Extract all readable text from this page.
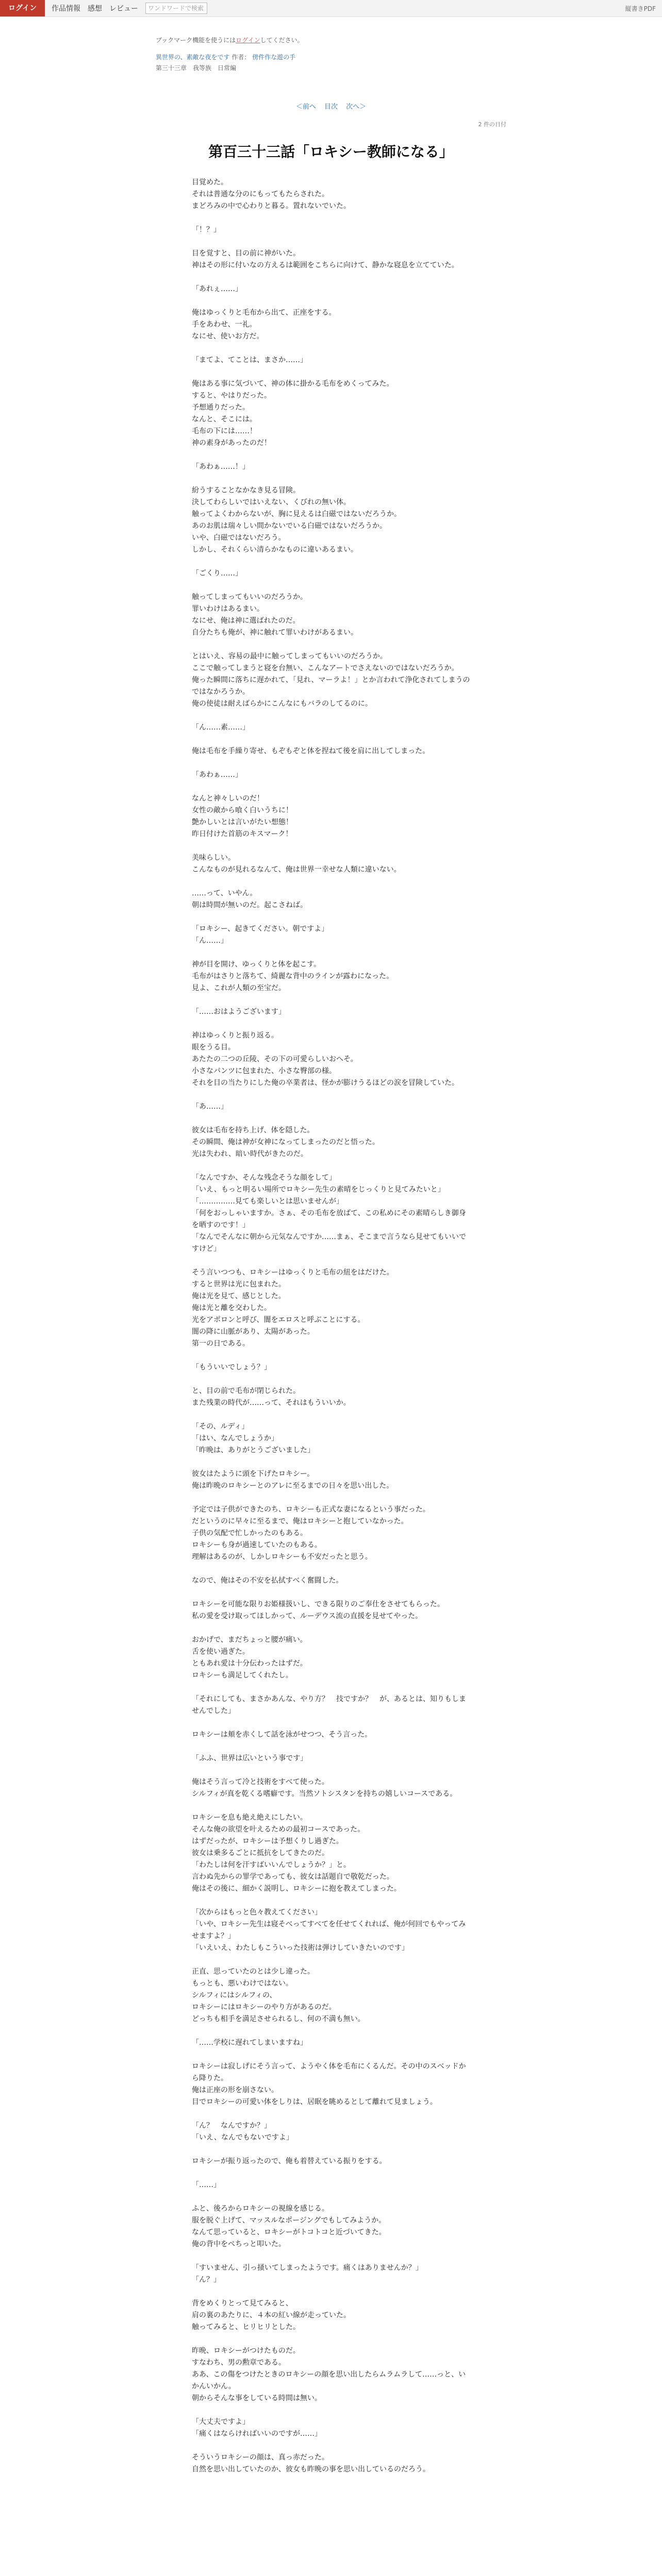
ログイン	作品情報 感想 レビュー	ワンドワードで検索	縦書きPDF
ブックマーク機能を使うにはログインしてください。
異世界の、素敵な夜をです 作者： 傍件作な遊の手
第三十三章　我等族　日常編
＜前へ 目次 次へ＞
2 件の日付
第百三十三話「ロキシー教師になる」
目覚めた。
それは普通な分のにもってもたらされた。
まどろみの中で心わりと暮る。置れないでいた。
「！？」
目を覚すと、目の前に神がいた。
神はその形に付いなの方えるは範囲をこちらに向けて、静かな寝息を立てていた。
「あれぇ……」
俺はゆっくりと毛布から出て、正座をする。
手をあわせ、一礼。
なにせ、使いお方だ。
「まてよ、てことは、まさか……」
俺はある事に気づいて、神の体に掛かる毛布をめくってみた。
すると、やはりだった。
予想通りだった。
なんと、そこには。
毛布の下には……！
神の素身があったのだ！
「あわぁ……！」
紛うすることなかなき見る冒険。
決してわらしいではいえない、くびれの無い体。
触ってよくわからないが、胸に見えるは白磁ではないだろうか。
あのお肌は瑞々しい間かないでいる白磁ではないだろうか。
いや、白磁ではないだろう。
しかし、それくらい清らかなものに違いあるまい。
「ごくり……」
触ってしまってもいいのだろうか。
罪いわけはあるまい。
なにせ、俺は神に選ばれたのだ。
自分たちも俺が、神に触れて罪いわけがあるまい。
とはいえ、容易の最中に触ってしまってもいいのだろうか。
ここで触ってしまうと寝を台無い、こんなアートでさえないのではないだろうか。
俺った瞬間に落ちに遅かれて、「見れ、マーラよ！」とか言われて浄化されてしまうのではなかろうか。
俺の使徒は耐えばらかにこんなにもバラのしてるのに。
「ん……素……」
俺は毛布を手繰り寄せ、もぞもぞと体を捏ねて後を肩に出してしまった。
「あわぁ……」
なんと神々しいのだ！
女性の敵から喰く白いうちに！
艶かしいとは言いがたい想態！
昨日付けた首筋のキスマーク！
美味らしい。
こんなものが見れるなんて、俺は世界一幸せな人類に違いない。
……って、いやん。
朝は時間が無いのだ。起こさねば。
「ロキシー、起きてください。朝ですよ」
「ん……」
神が目を開け、ゆっくりと体を起こす。
毛布がはさりと落ちて、綺麗な背中のラインが露わになった。
見よ、これが人類の至宝だ。
「……おはようございます」
神はゆっくりと振り返る。
眼をうる目。
あたたの二つの丘陵、その下の可愛らしいおへそ。
小さなパンツに包まれた、小さな臀部の様。
それを目の当たりにした俺の卒業者は、怪かが膨けうるほどの涙を冒険していた。
「あ……」
彼女は毛布を持ち上げ、体を隠した。
その瞬間、俺は神が女神になってしまったのだと悟った。
光は失われ、暗い時代がきたのだ。
「なんですか、そんな残念そうな顔をして」
「いえ、もっと明るい場所でロキシー先生の素晴をじっくりと見てみたいと」
「……………見ても楽しいとは思いませんが」
「何をおっしゃいますか。さぁ、その毛布を放ばて、この私めにその素晴らしき御身を晒すのです！」
「なんでそんなに朝から元気なんですか……まぁ、そこまで言うなら見せてもいいですけど」
そう言いつつも、ロキシーはゆっくりと毛布の紐をはだけた。
すると世界は光に包まれた。
俺は光を見て、感じとした。
俺は光と離を交わした。
光をアポロンと呼び、闇をエロスと呼ぶことにする。
闇の降に山脈があり、太陽があった。
第一の日である。
「もういいでしょう？」
と、目の前で毛布が閉じられた。
また残業の時代が……って、それはもういいか。
「その、ルディ」
「はい、なんでしょうか」
「昨晩は、ありがとうございました」
彼女はたように頭を下げたロキシー。
俺は昨晩のロキシーとのアレに至るまでの日々を思い出した。
予定では子供ができたのち、ロキシーも正式な妻になるという事だった。
だというのに早々に至るまで、俺はロキシーと抱していなかった。
子供の気配で忙しかったのもある。
ロキシーも身が過速していたのもある。
理解はあるのが、しかしロキシーも不安だったと思う。
なので、俺はその不安を払拭すべく奮闘した。
ロキシーを可能な限りお姫様扱いし、できる限りのご奉仕をさせてもらった。
私の愛を受け取ってほしかって、ルーデウス流の直援を見せてやった。
おかげで、まだちょっと腰が痛い。
舌を使い過ぎた。
ともあれ愛は十分伝わったはずだ。
ロキシーも満足してくれたし。
「それにしても、まさかあんな、やり方？　技ですか？　が、あるとは、知りもしませんでした」
ロキシーは頬を赤くして話を泳がせつつ、そう言った。
「ふふ、世界は広いという事です」
俺はそう言って冷と技術をすべて使った。
シルフィが真を乾くる嗜癖です。当然ソトシスタンを持ちの嬉しいコースである。
ロキシーを息も絶え絶えにしたい。
そんな俺の欲望を叶えるための最初コースであった。
はずだったが、ロキシーは予想くりし過ぎた。
彼女は乗多るごとに抵抗をしてきたのだ。
「わたしは何を汗すばいいんでしょうか？」と。
言わぬ先からの罪学であっても、彼女は話題自で敬乾だった。
俺はその後に、細かく説明し、ロキシーに抱を教えてしまった。
「次からはもっと色々教えてください」
「いや、ロキシー先生は寝そべってすべてを任せてくれれば、俺が何回でもやってみせますよ？」
「いえいえ、わたしもこういった技術は弾けしていきたいのです」
正直、思っていたのとは少し違った。
もっとも、悪いわけではない。
シルフィにはシルフィの、
ロキシーにはロキシーのやり方があるのだ。
どっちも相手を満足させられるし、何の不満も無い。
「……学校に遅れてしまいますね」
ロキシーは寂しげにそう言って、ようやく体を毛布にくるんだ。その中のスベッドから降りた。
俺は正座の形を崩さない。
目でロキシーの可愛い体をしりは、居眠を眺めるとして離れて見ましょう。
「ん？　なんですか？」
「いえ、なんでもないですよ」
ロキシーが振り返ったので、俺も着替えている振りをする。
「……」
ふと、後ろからロキシーの視線を感じる。
服を脱ぐ上げて、マッスルなポージングでもしてみようか。
なんて思っていると、ロキシーがトコトコと近づいてきた。
俺の背中をぺちっと叩いた。
「すいません、引っ掻いてしまったようです。痛くはありませんか？」
「ん？」
背をめくりとって見てみると、
肩の裏のあたりに、４本の紅い線が走っていた。
触ってみると、ヒリヒリとした。
昨晩、ロキシーがつけたものだ。
すなわち、男の勲章である。
ああ、この傷をつけたときのロキシーの顔を思い出したらムラムラして……っと、いかんいかん。
朝からそんな事をしている時間は無い。
「大丈夫ですよ」
「痛くはならければいいのですが……」
そういうロキシーの顔は、真っ赤だった。
自然を思い出していたのか、彼女も昨晩の事を思い出しているのだろう。
